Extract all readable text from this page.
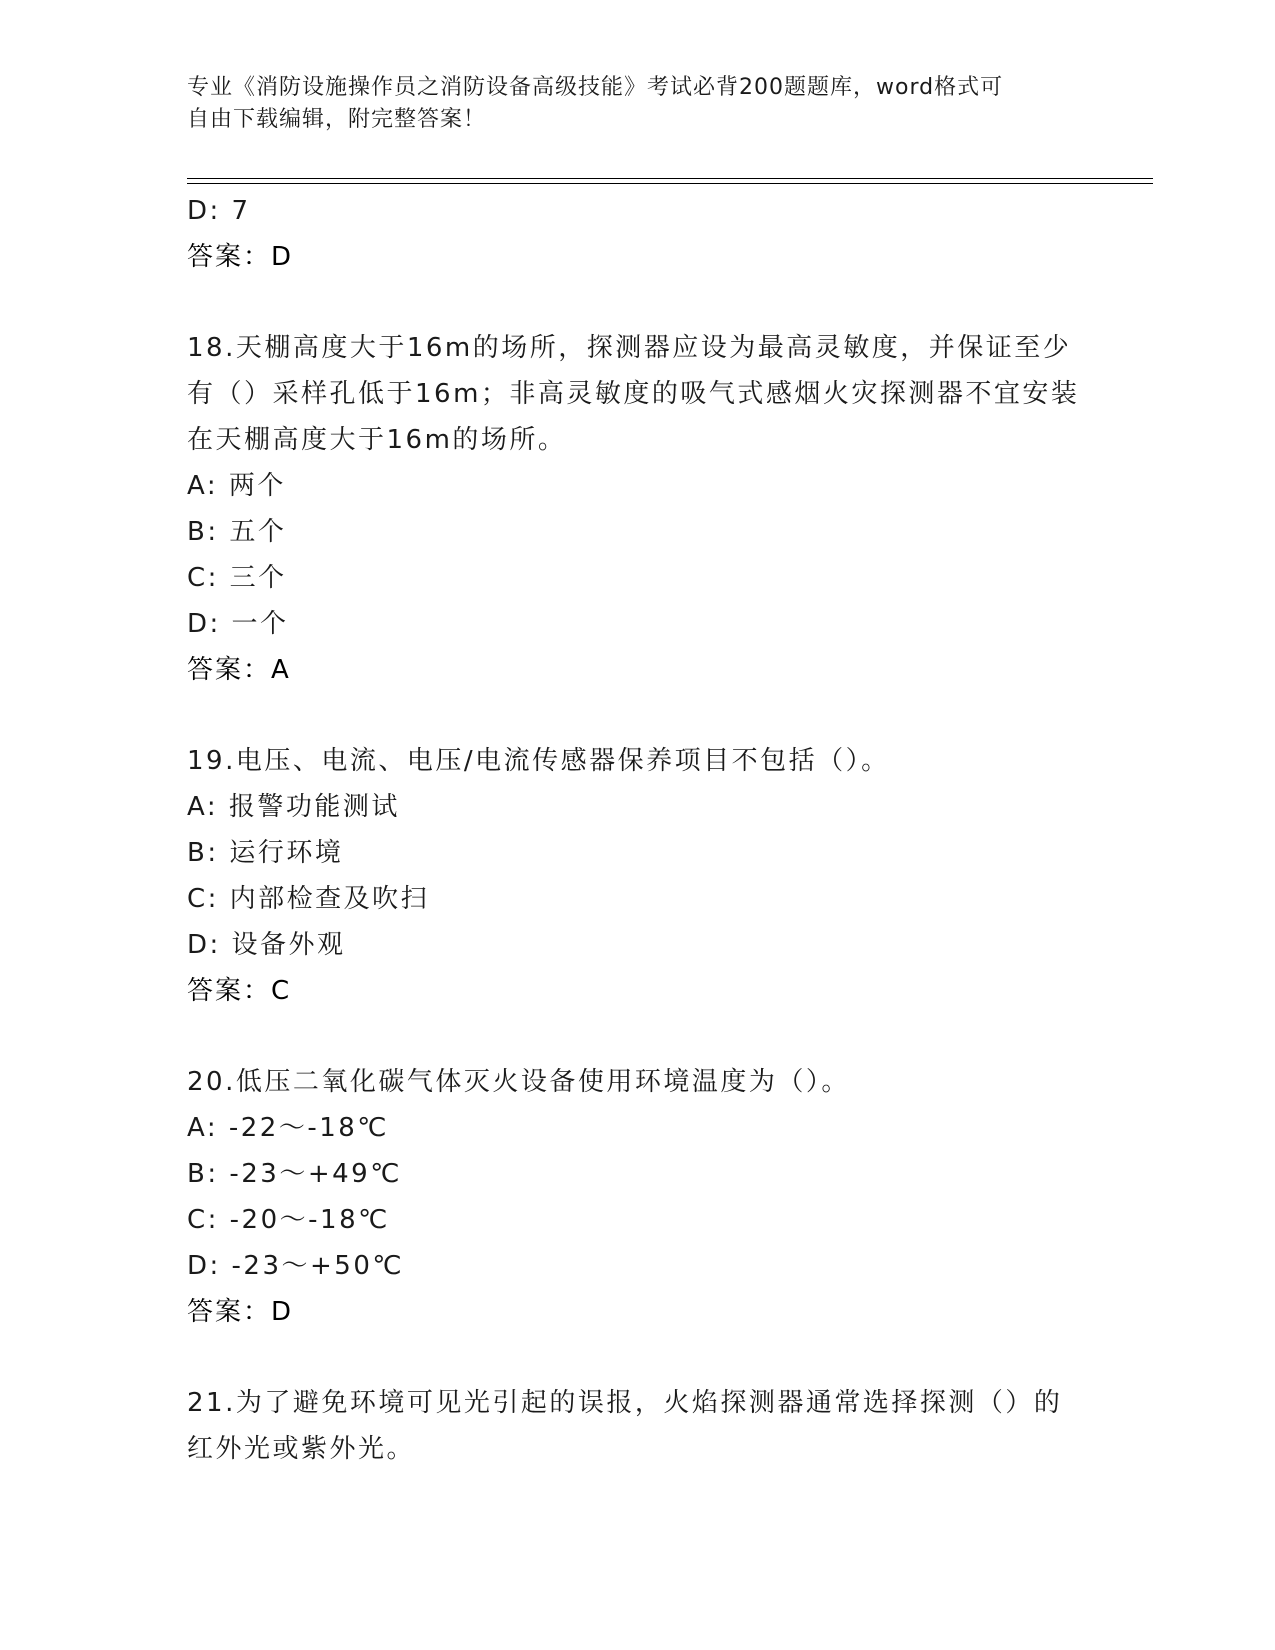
专业《消防设施操作员之消防设备高级技能》考试必背200题题库，word格式可

自由下载编辑，附完整答案！

D: 7

答案：D

18.天棚高度大于16m的场所，探测器应设为最高灵敏度，并保证至少

有（）采样孔低于16m；非高灵敏度的吸气式感烟火灾探测器不宜安装

在天棚高度大于16m的场所。

A: 两个

B: 五个

C: 三个

D: 一个

答案：A

19.电压、电流、电压/电流传感器保养项目不包括（）。

A: 报警功能测试

B: 运行环境

C: 内部检查及吹扫

D: 设备外观

答案：C

20.低压二氧化碳气体灭火设备使用环境温度为（）。

A: -22～-18℃

B: -23～+49℃

C: -20～-18℃

D: -23～+50℃

答案：D

21.为了避免环境可见光引起的误报，火焰探测器通常选择探测（）的

红外光或紫外光。
